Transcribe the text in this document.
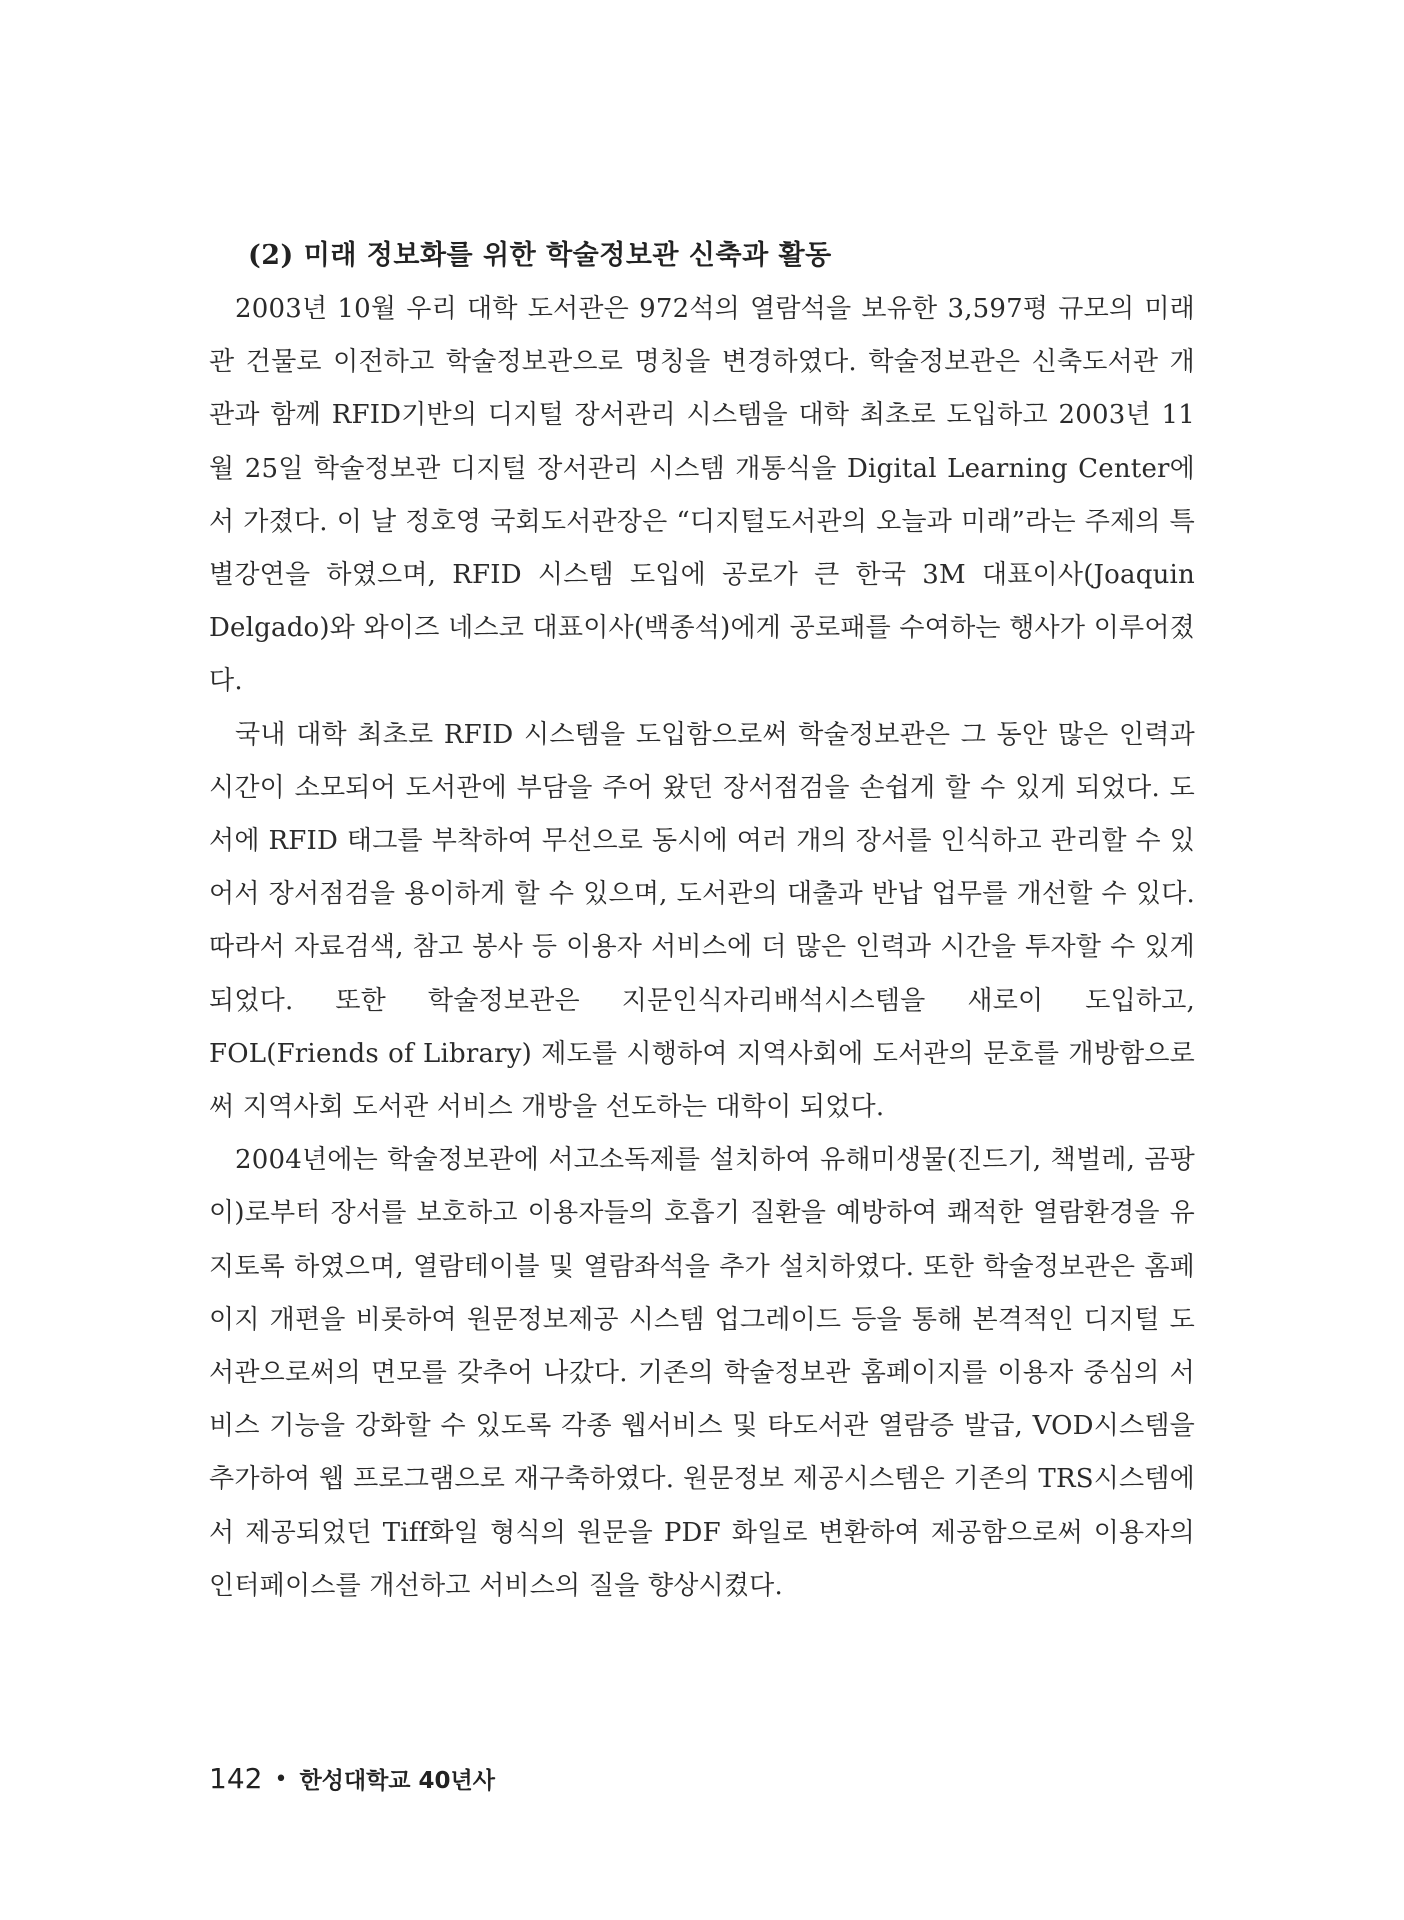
(2) 미래 정보화를 위한 학술정보관 신축과 활동

2003년 10월 우리 대학 도서관은 972석의 열람석을 보유한 3,597평 규모의 미래관 건물로 이전하고 학술정보관으로 명칭을 변경하였다. 학술정보관은 신축도서관 개관과 함께 RFID기반의 디지털 장서관리 시스템을 대학 최초로 도입하고 2003년 11월 25일 학술정보관 디지털 장서관리 시스템 개통식을 Digital Learning Center에서 가졌다. 이 날 정호영 국회도서관장은 “디지털도서관의 오늘과 미래”라는 주제의 특별강연을 하였으며, RFID 시스템 도입에 공로가 큰 한국 3M 대표이사(Joaquin Delgado)와 와이즈 네스코 대표이사(백종석)에게 공로패를 수여하는 행사가 이루어졌다.

국내 대학 최초로 RFID 시스템을 도입함으로써 학술정보관은 그 동안 많은 인력과 시간이 소모되어 도서관에 부담을 주어 왔던 장서점검을 손쉽게 할 수 있게 되었다. 도서에 RFID 태그를 부착하여 무선으로 동시에 여러 개의 장서를 인식하고 관리할 수 있어서 장서점검을 용이하게 할 수 있으며, 도서관의 대출과 반납 업무를 개선할 수 있다. 따라서 자료검색, 참고 봉사 등 이용자 서비스에 더 많은 인력과 시간을 투자할 수 있게 되었다. 또한 학술정보관은 지문인식자리배석시스템을 새로이 도입하고, FOL(Friends of Library) 제도를 시행하여 지역사회에 도서관의 문호를 개방함으로써 지역사회 도서관 서비스 개방을 선도하는 대학이 되었다.

2004년에는 학술정보관에 서고소독제를 설치하여 유해미생물(진드기, 책벌레, 곰팡이)로부터 장서를 보호하고 이용자들의 호흡기 질환을 예방하여 쾌적한 열람환경을 유지토록 하였으며, 열람테이블 및 열람좌석을 추가 설치하였다. 또한 학술정보관은 홈페이지 개편을 비롯하여 원문정보제공 시스템 업그레이드 등을 통해 본격적인 디지털 도서관으로써의 면모를 갖추어 나갔다. 기존의 학술정보관 홈페이지를 이용자 중심의 서비스 기능을 강화할 수 있도록 각종 웹서비스 및 타도서관 열람증 발급, VOD시스템을 추가하여 웹 프로그램으로 재구축하였다. 원문정보 제공시스템은 기존의 TRS시스템에서 제공되었던 Tiff화일 형식의 원문을 PDF 화일로 변환하여 제공함으로써 이용자의 인터페이스를 개선하고 서비스의 질을 향상시켰다.

142 • 한성대학교 40년사
